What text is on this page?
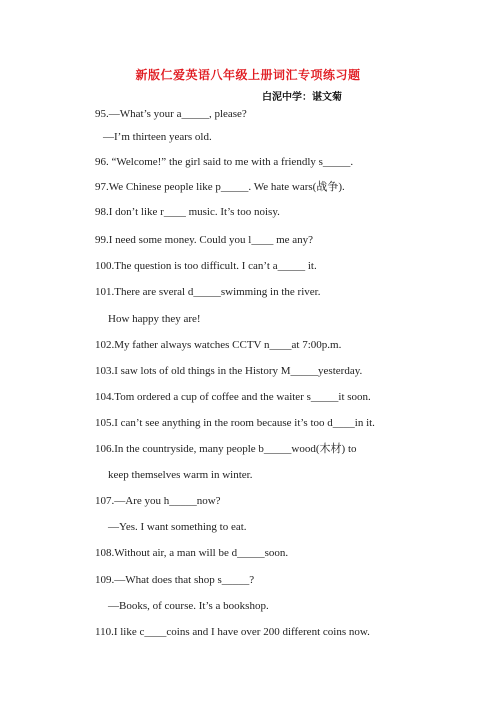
新版仁爱英语八年级上册词汇专项练习题
白泥中学：谌文菊
95.—What’s your a_____, please?
—I’m thirteen years old.
96. “Welcome!” the girl said to me with a friendly s_____.
97.We Chinese people like p_____. We hate wars(战争).
98.I don’t like r____ music. It’s too noisy.
99.I need some money. Could you l____ me any?
100.The question is too difficult. I can’t a_____ it.
101.There are sveral d_____swimming in the river.
How happy they are!
102.My father always watches CCTV n____at 7:00p.m.
103.I saw lots of old things in the History M_____yesterday.
104.Tom ordered a cup of coffee and the waiter s_____it soon.
105.I can’t see anything in the room because it’s too d____in it.
106.In the countryside, many people b_____wood(木材) to
keep themselves warm in winter.
107.—Are you h_____now?
—Yes. I want something to eat.
108.Without air, a man will be d_____soon.
109.—What does that shop s_____?
—Books, of course. It’s a bookshop.
110.I like c____coins and I have over 200 different coins now.
